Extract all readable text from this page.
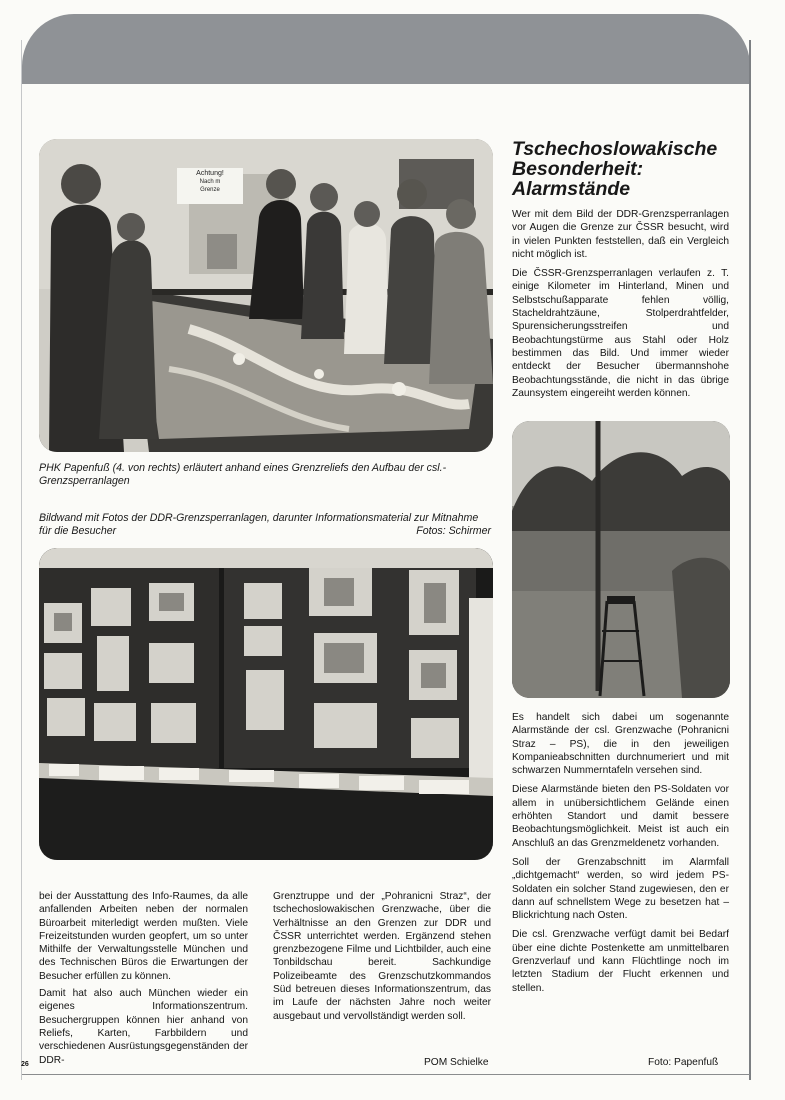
Achtung!
Nach m
Grenze
PHK Papenfuß (4. von rechts) erläutert anhand eines Grenzreliefs den Aufbau der csl.-Grenzsperranlagen
Bildwand mit Fotos der DDR-Grenzsperranlagen, darunter Informationsmaterial zur Mitnahme für die Besucher	Fotos: Schirmer
Tschechoslowakische
Besonderheit:
Alarmstände

Wer mit dem Bild der DDR-Grenzsperranlagen vor Augen die Grenze zur ČSSR besucht, wird in vielen Punkten feststellen, daß ein Vergleich nicht möglich ist.

Die ČSSR-Grenzsperranlagen verlaufen z. T. einige Kilometer im Hinterland, Minen und Selbstschußapparate fehlen völlig, Stacheldrahtzäune, Stolperdrahtfelder, Spurensicherungsstreifen und Beobachtungstürme aus Stahl oder Holz bestimmen das Bild. Und immer wieder entdeckt der Besucher übermannshohe Beobachtungsstände, die nicht in das übrige Zaunsystem eingereiht werden können.

Es handelt sich dabei um sogenannte Alarmstände der csl. Grenzwache (Pohranicni Straz – PS), die in den jeweiligen Kompanieabschnitten durchnumeriert und mit schwarzen Nummerntafeln versehen sind.

Diese Alarmstände bieten den PS-Soldaten vor allem in unübersichtlichem Gelände einen erhöhten Standort und damit bessere Beobachtungsmöglichkeit. Meist ist auch ein Anschluß an das Grenzmeldenetz vorhanden.

Soll der Grenzabschnitt im Alarmfall „dichtgemacht“ werden, so wird jedem PS-Soldaten ein solcher Stand zugewiesen, den er dann auf schnellstem Wege zu besetzen hat – Blickrichtung nach Osten.

Die csl. Grenzwache verfügt damit bei Bedarf über eine dichte Postenkette am unmittelbaren Grenzverlauf und kann Flüchtlinge noch im letzten Stadium der Flucht erkennen und stellen.

bei der Ausstattung des Info-Raumes, da alle anfallenden Arbeiten neben der normalen Büroarbeit miterledigt werden mußten. Viele Freizeitstunden wurden geopfert, um so unter Mithilfe der Verwaltungsstelle München und des Technischen Büros die Erwartungen der Besucher erfüllen zu können.

Damit hat also auch München wieder ein eigenes Informationszentrum. Besuchergruppen können hier anhand von Reliefs, Karten, Farbbildern und verschiedenen Ausrüstungsgegenständen der DDR-

Grenztruppe und der „Pohranicni Straz“, der tschechoslowakischen Grenzwache, über die Verhältnisse an den Grenzen zur DDR und ČSSR unterrichtet werden. Ergänzend stehen grenzbezogene Filme und Lichtbilder, auch eine Tonbildschau bereit. Sachkundige Polizeibeamte des Grenzschutzkommandos Süd betreuen dieses Informationszentrum, das im Laufe der nächsten Jahre noch weiter ausgebaut und vervollständigt werden soll.

26	POM Schielke	Foto: Papenfuß
